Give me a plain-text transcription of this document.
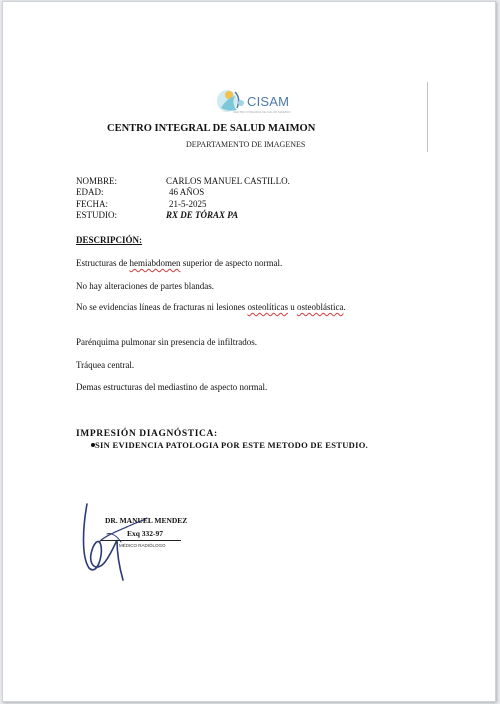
CISAM
CENTRO INTEGRAL DE SALUD MAIMON
CENTRO INTEGRAL DE SALUD MAIMON
DEPARTAMENTO DE IMAGENES
NOMBRE:	CARLOS MANUEL CASTILLO.
EDAD:	46 AÑOS
FECHA:	21-5-2025
ESTUDIO:	RX DE TÓRAX PA
DESCRIPCIÓN:
Estructuras de hemiabdomen superior de aspecto normal.
No hay alteraciones de partes blandas.
No se evidencias líneas de fracturas ni lesiones osteolíticas u osteoblástica.
Parénquima pulmonar sin presencia de infiltrados.
Tráquea central.
Demas estructuras del mediastino de aspecto normal.
IMPRESIÓN DIAGNÓSTICA:
SIN EVIDENCIA PATOLOGIA POR ESTE METODO DE ESTUDIO.
DR. MANUEL MENDEZ
Exq 332-97
MÉDICO RADIÓLOGO
